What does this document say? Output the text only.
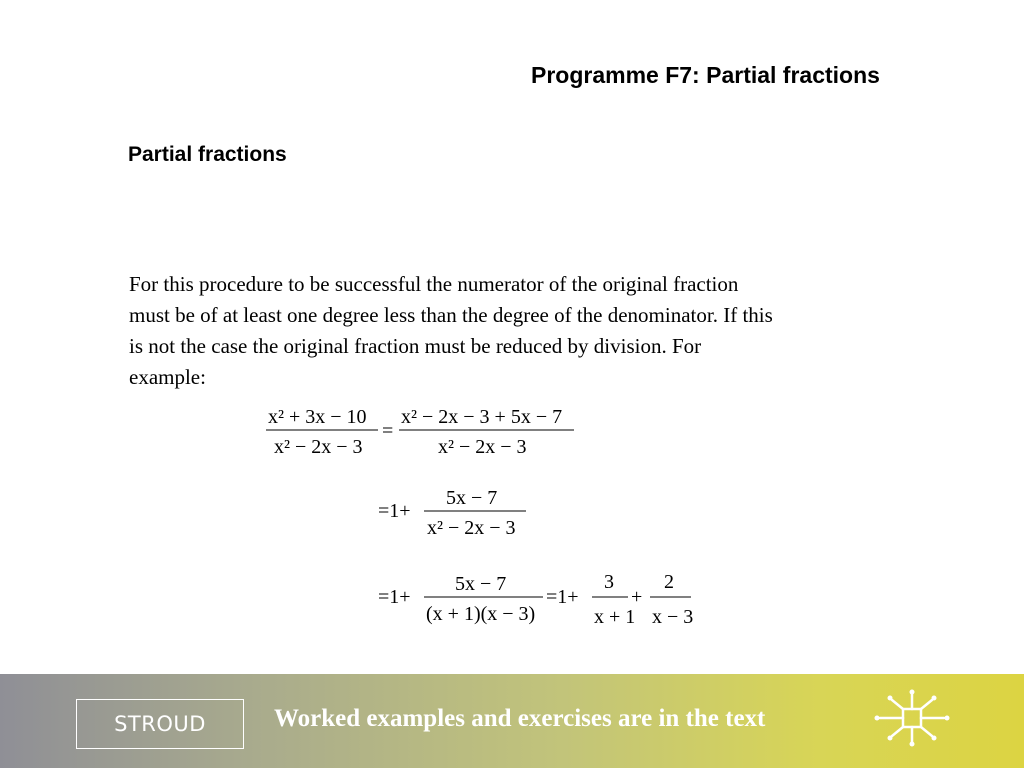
Programme F7: Partial fractions
Partial fractions
For this procedure to be successful the numerator of the original fraction
must be of at least one degree less than the degree of the denominator. If this
is not the case the original fraction must be reduced by division. For
example:
x² + 3x − 10
x² − 2x − 3
=
x² − 2x − 3 + 5x − 7
x² − 2x − 3
=1+
5x − 7
x² − 2x − 3
=1+
5x − 7
(x + 1)(x − 3)
=1+
3
x + 1
+
2
x − 3
STROUD	Worked examples and exercises are in the text
